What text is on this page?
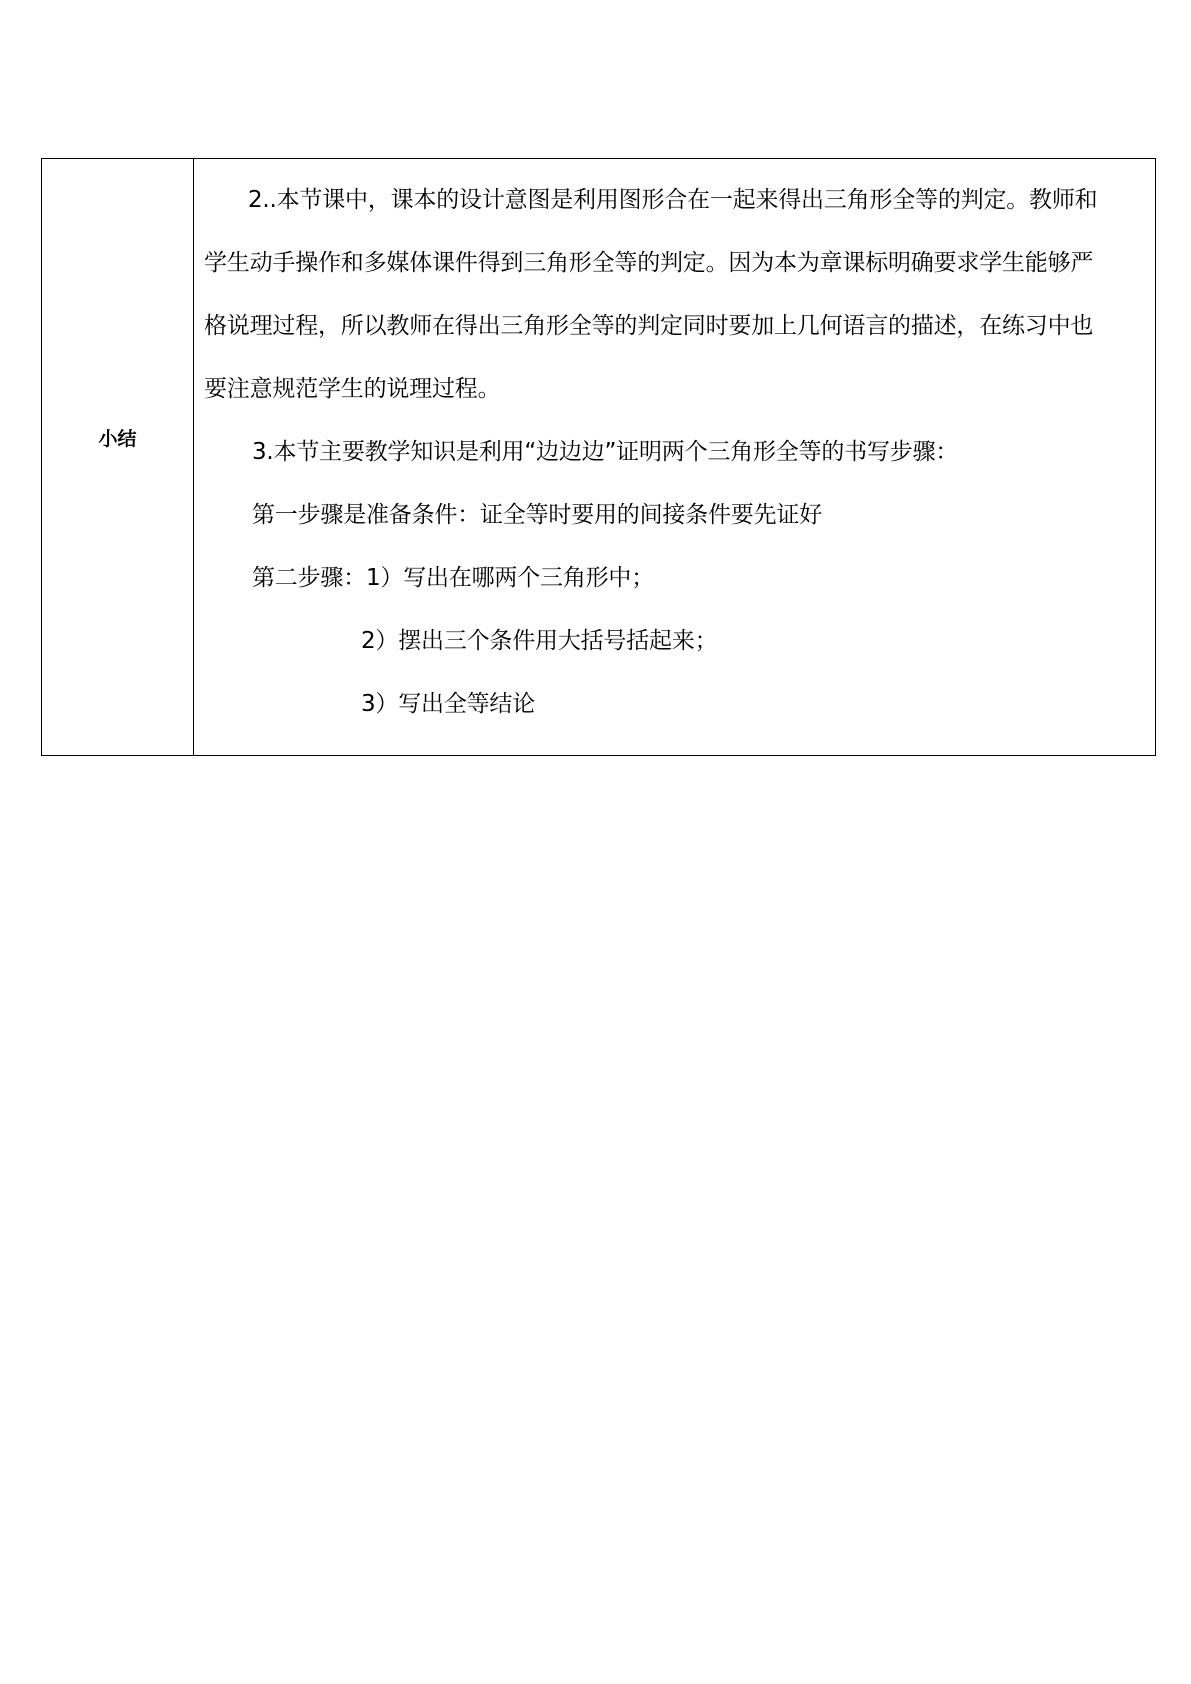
小结	
2..本节课中，课本的设计意图是利用图形合在一起来得出三角形全等的判定。教师和
学生动手操作和多媒体课件得到三角形全等的判定。因为本为章课标明确要求学生能够严
格说理过程，所以教师在得出三角形全等的判定同时要加上几何语言的描述，在练习中也
要注意规范学生的说理过程。
3.本节主要教学知识是利用“边边边”证明两个三角形全等的书写步骤：
第一步骤是准备条件：证全等时要用的间接条件要先证好
第二步骤：1）写出在哪两个三角形中；
2）摆出三个条件用大括号括起来；
3）写出全等结论
